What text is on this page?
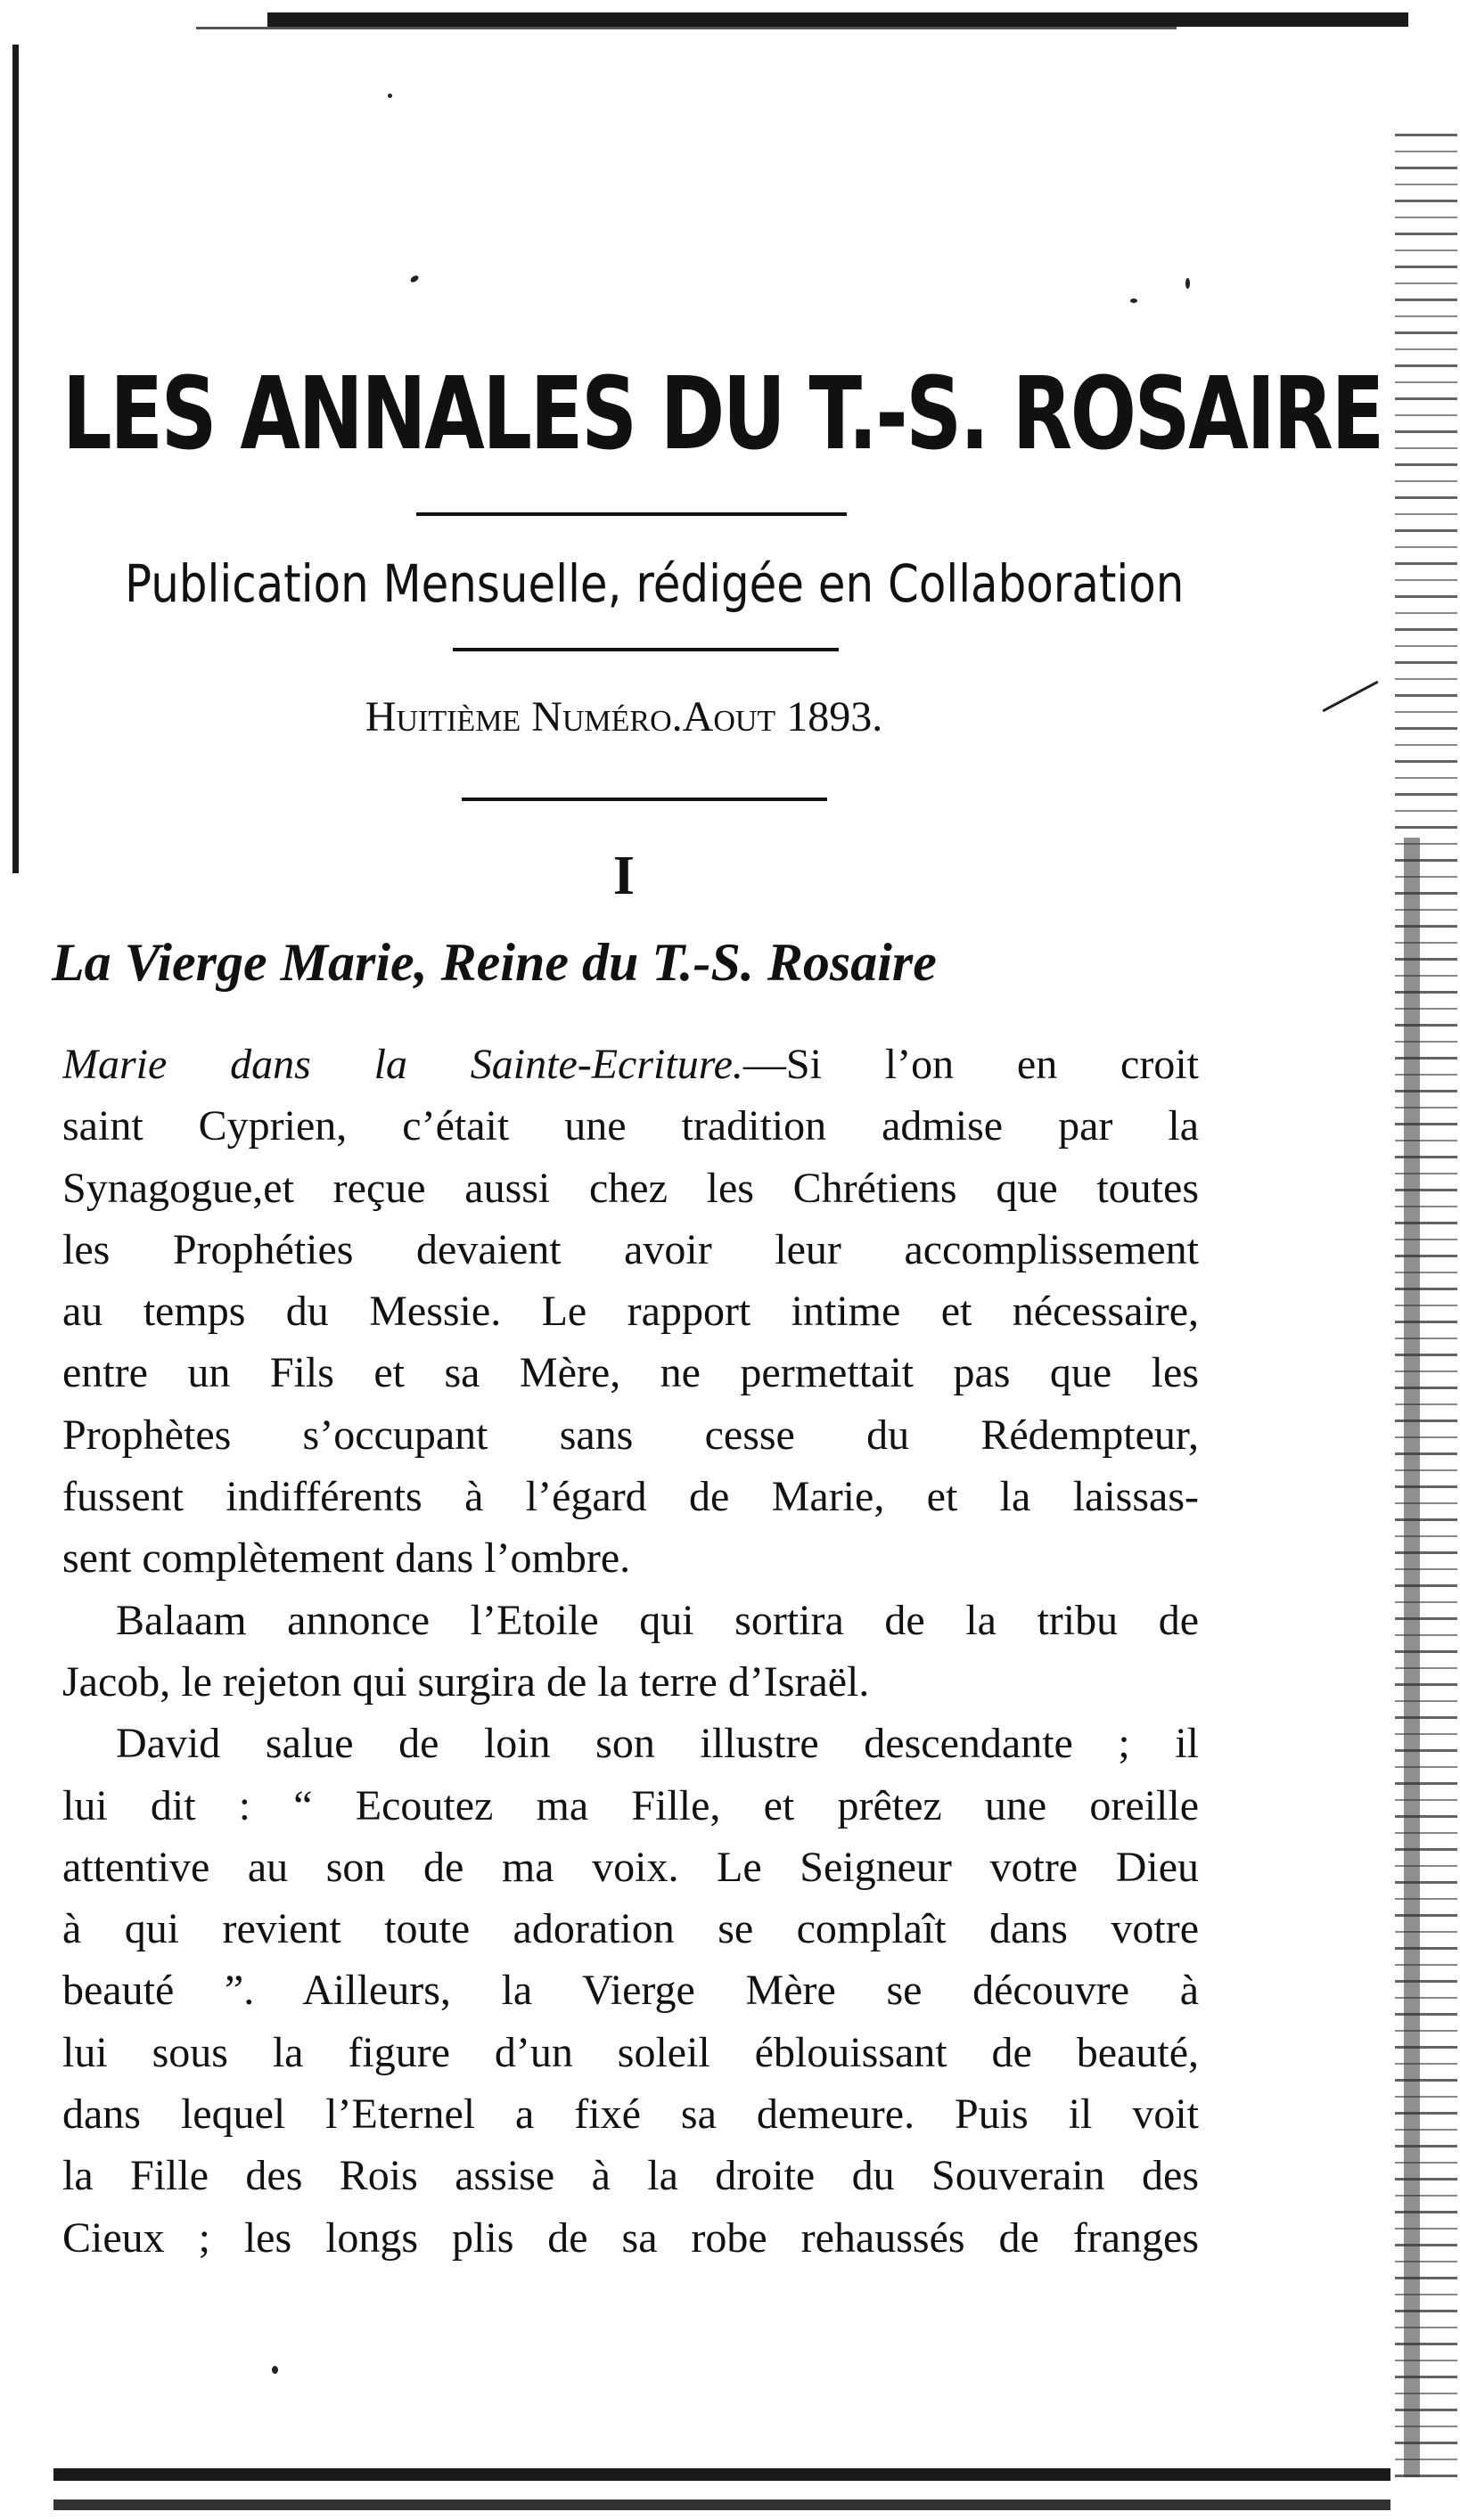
LES ANNALES DU T.-S. ROSAIRE
Publication Mensuelle, rédigée en Collaboration
Huitième Numéro.Aout 1893.
I
La Vierge Marie, Reine du T.-S. Rosaire
Marie dans la Sainte-Ecriture.—Si l’on en croit
saint Cyprien, c’était une tradition admise par la
Synagogue,et reçue aussi chez les Chrétiens que toutes
les Prophéties devaient avoir leur accomplissement
au temps du Messie. Le rapport intime et nécessaire,
entre un Fils et sa Mère, ne permettait pas que les
Prophètes s’occupant sans cesse du Rédempteur,
fussent indifférents à l’égard de Marie, et la laissas-
sent complètement dans l’ombre.
Balaam annonce l’Etoile qui sortira de la tribu de
Jacob, le rejeton qui surgira de la terre d’Israël.
David salue de loin son illustre descendante ; il
lui dit : “ Ecoutez ma Fille, et prêtez une oreille
attentive au son de ma voix. Le Seigneur votre Dieu
à qui revient toute adoration se complaît dans votre
beauté ”. Ailleurs, la Vierge Mère se découvre à
lui sous la figure d’un soleil éblouissant de beauté,
dans lequel l’Eternel a fixé sa demeure. Puis il voit
la Fille des Rois assise à la droite du Souverain des
Cieux ; les longs plis de sa robe rehaussés de franges
